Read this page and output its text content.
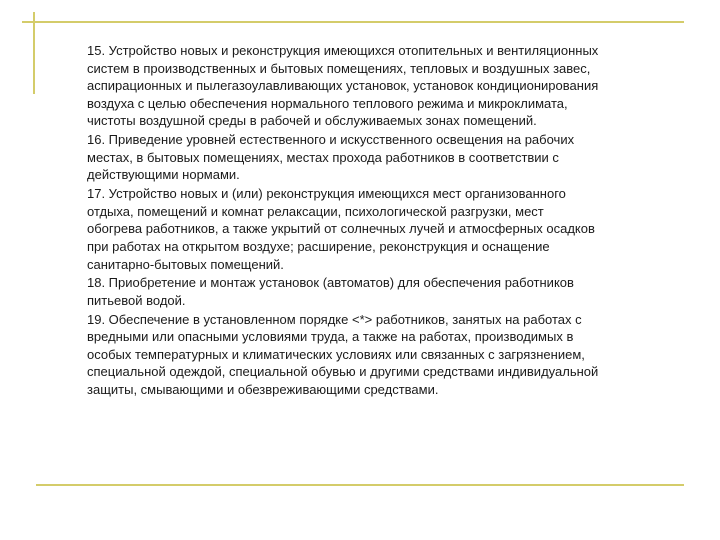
15. Устройство новых и реконструкция имеющихся отопительных и вентиляционных
систем в производственных и бытовых помещениях, тепловых и воздушных завес,
аспирационных и пылегазоулавливающих установок, установок кондиционирования
воздуха с целью обеспечения нормального теплового режима и микроклимата,
чистоты воздушной среды в рабочей и обслуживаемых зонах помещений.

16. Приведение уровней естественного и искусственного освещения на рабочих
местах, в бытовых помещениях, местах прохода работников в соответствии с
действующими нормами.

17. Устройство новых и (или) реконструкция имеющихся мест организованного
отдыха, помещений и комнат релаксации, психологической разгрузки, мест
обогрева работников, а также укрытий от солнечных лучей и атмосферных осадков
при работах на открытом воздухе; расширение, реконструкция и оснащение
санитарно-бытовых помещений.

18. Приобретение и монтаж установок (автоматов) для обеспечения работников
питьевой водой.

19. Обеспечение в установленном порядке <*> работников, занятых на работах с
вредными или опасными условиями труда, а также на работах, производимых в
особых температурных и климатических условиях или связанных с загрязнением,
специальной одеждой, специальной обувью и другими средствами индивидуальной
защиты, смывающими и обезвреживающими средствами.
